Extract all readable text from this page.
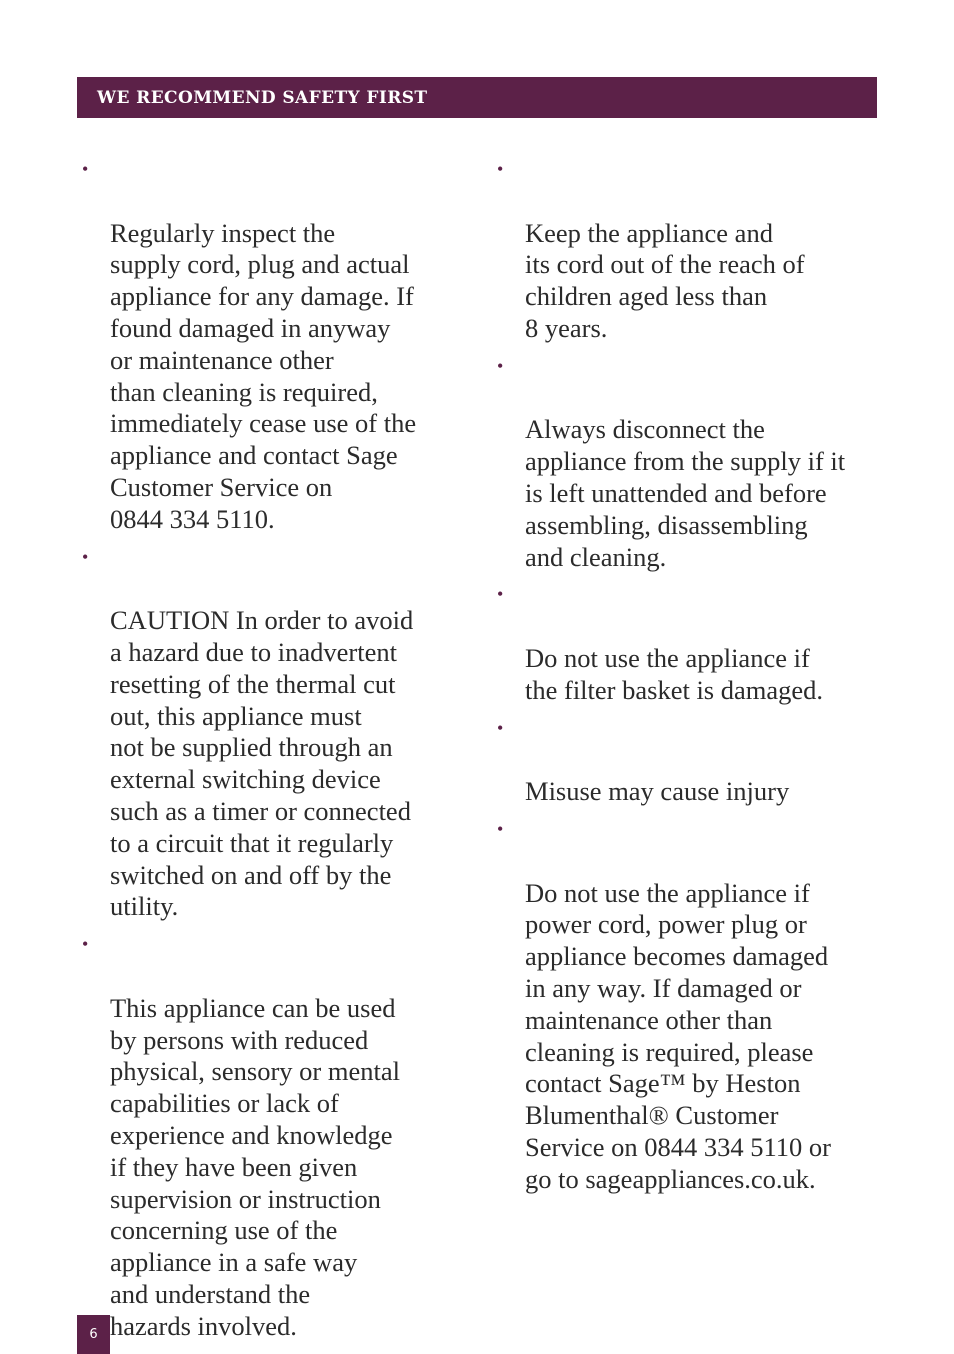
WE RECOMMEND SAFETY FIRST

•

Regularly inspect the
supply cord, plug and actual
appliance for any damage. If
found damaged in anyway
or maintenance other
than cleaning is required,
immediately cease use of the
appliance and contact Sage
Customer Service on
0844 334 5110.

•

CAUTION In order to avoid
a hazard due to inadvertent
resetting of the thermal cut
out, this appliance must
not be supplied through an
external switching device
such as a timer or connected
to a circuit that it regularly
switched on and off by the
utility.

•

This appliance can be used
by persons with reduced
physical, sensory or mental
capabilities or lack of
experience and knowledge
if they have been given
supervision or instruction
concerning use of the
appliance in a safe way
and understand the
hazards involved.

•

Keep the appliance and
its cord out of the reach of
children aged less than
8 years.

•

Always disconnect the
appliance from the supply if it
is left unattended and before
assembling, disassembling
and cleaning.

•

Do not use the appliance if
the filter basket is damaged.

•

Misuse may cause injury

•

Do not use the appliance if
power cord, power plug or
appliance becomes damaged
in any way. If damaged or
maintenance other than
cleaning is required, please
contact Sage™ by Heston
Blumenthal® Customer
Service on 0844 334 5110 or
go to sageappliances.co.uk.

6
